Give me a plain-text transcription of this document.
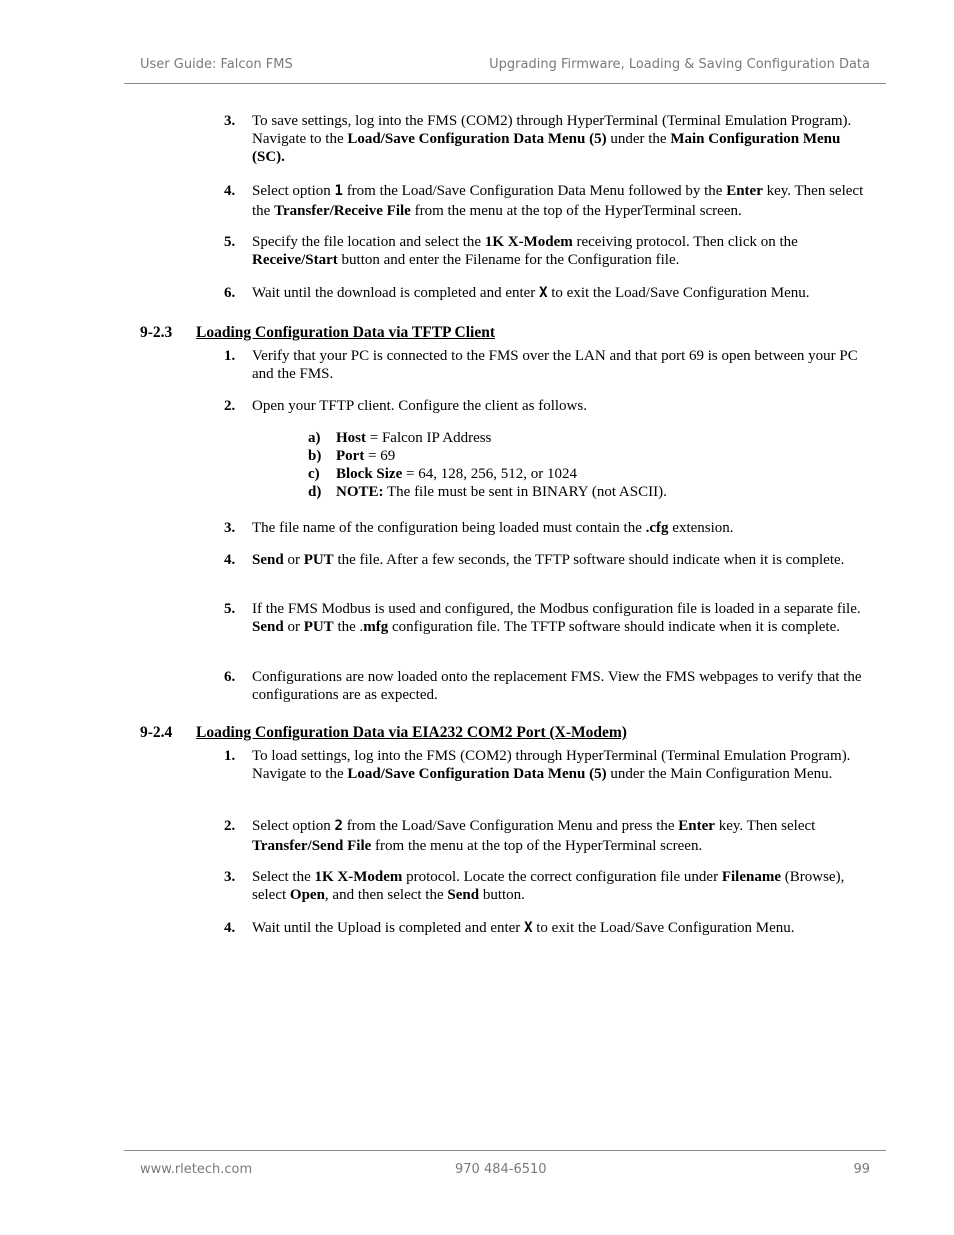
User Guide: Falcon FMS	Upgrading Firmware, Loading & Saving Configuration Data
3. To save settings, log into the FMS (COM2) through HyperTerminal (Terminal Emulation Program). Navigate to the Load/Save Configuration Data Menu (5) under the Main Configuration Menu (SC).
4. Select option 1 from the Load/Save Configuration Data Menu followed by the Enter key. Then select the Transfer/Receive File from the menu at the top of the HyperTerminal screen.
5. Specify the file location and select the 1K X-Modem receiving protocol. Then click on the Receive/Start button and enter the Filename for the Configuration file.
6. Wait until the download is completed and enter X to exit the Load/Save Configuration Menu.
9-2.3 Loading Configuration Data via TFTP Client
1. Verify that your PC is connected to the FMS over the LAN and that port 69 is open between your PC and the FMS.
2. Open your TFTP client. Configure the client as follows.
a) Host = Falcon IP Address
b) Port = 69
c) Block Size = 64, 128, 256, 512, or 1024
d) NOTE: The file must be sent in BINARY (not ASCII).
3. The file name of the configuration being loaded must contain the .cfg extension.
4. Send or PUT the file. After a few seconds, the TFTP software should indicate when it is complete.
5. If the FMS Modbus is used and configured, the Modbus configuration file is loaded in a separate file. Send or PUT the .mfg configuration file. The TFTP software should indicate when it is complete.
6. Configurations are now loaded onto the replacement FMS. View the FMS webpages to verify that the configurations are as expected.
9-2.4 Loading Configuration Data via EIA232 COM2 Port (X-Modem)
1. To load settings, log into the FMS (COM2) through HyperTerminal (Terminal Emulation Program). Navigate to the Load/Save Configuration Data Menu (5) under the Main Configuration Menu.
2. Select option 2 from the Load/Save Configuration Menu and press the Enter key. Then select Transfer/Send File from the menu at the top of the HyperTerminal screen.
3. Select the 1K X-Modem protocol. Locate the correct configuration file under Filename (Browse), select Open, and then select the Send button.
4. Wait until the Upload is completed and enter X to exit the Load/Save Configuration Menu.
www.rletech.com	970 484-6510	99
